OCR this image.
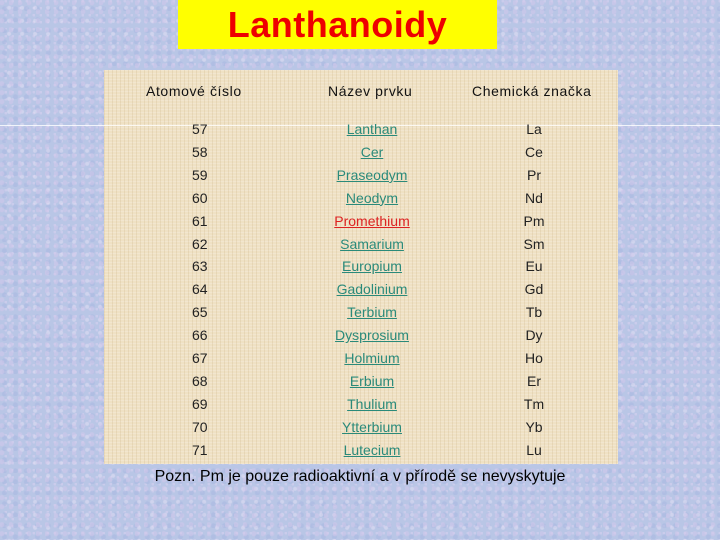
Lanthanoidy
Atomové číslo	Název prvku	Chemická značka
57	Lanthan	La
58	Cer	Ce
59	Praseodym	Pr
60	Neodym	Nd
61	Promethium	Pm
62	Samarium	Sm
63	Europium	Eu
64	Gadolinium	Gd
65	Terbium	Tb
66	Dysprosium	Dy
67	Holmium	Ho
68	Erbium	Er
69	Thulium	Tm
70	Ytterbium	Yb
71	Lutecium	Lu
Pozn. Pm je pouze radioaktivní a v přírodě se nevyskytuje
